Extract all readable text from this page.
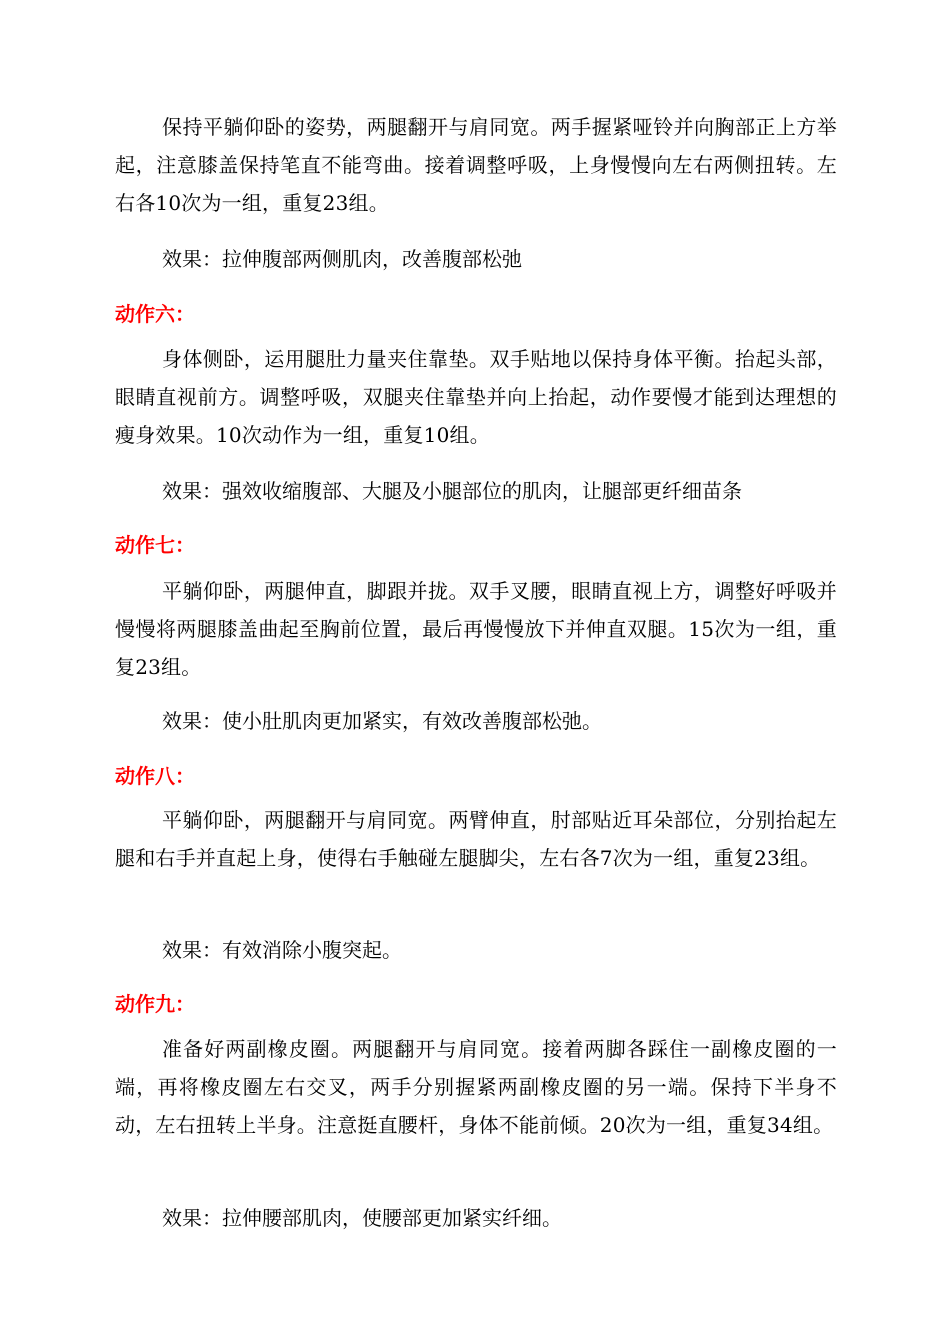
保持平躺仰卧的姿势，两腿翻开与肩同宽。两手握紧哑铃并向胸部正上方举起，注意膝盖保持笔直不能弯曲。接着调整呼吸，上身慢慢向左右两侧扭转。左右各10次为一组，重复23组。

效果：拉伸腹部两侧肌肉，改善腹部松弛

动作六：

身体侧卧，运用腿肚力量夹住靠垫。双手贴地以保持身体平衡。抬起头部，眼睛直视前方。调整呼吸，双腿夹住靠垫并向上抬起，动作要慢才能到达理想的瘦身效果。10次动作为一组，重复10组。

效果：强效收缩腹部、大腿及小腿部位的肌肉，让腿部更纤细苗条

动作七：

平躺仰卧，两腿伸直，脚跟并拢。双手叉腰，眼睛直视上方，调整好呼吸并慢慢将两腿膝盖曲起至胸前位置，最后再慢慢放下并伸直双腿。15次为一组，重复23组。

效果：使小肚肌肉更加紧实，有效改善腹部松弛。

动作八：

平躺仰卧，两腿翻开与肩同宽。两臂伸直，肘部贴近耳朵部位，分别抬起左腿和右手并直起上身，使得右手触碰左腿脚尖，左右各7次为一组，重复23组。

效果：有效消除小腹突起。

动作九：

准备好两副橡皮圈。两腿翻开与肩同宽。接着两脚各踩住一副橡皮圈的一端，再将橡皮圈左右交叉，两手分别握紧两副橡皮圈的另一端。保持下半身不动，左右扭转上半身。注意挺直腰杆，身体不能前倾。20次为一组，重复34组。

效果：拉伸腰部肌肉，使腰部更加紧实纤细。
